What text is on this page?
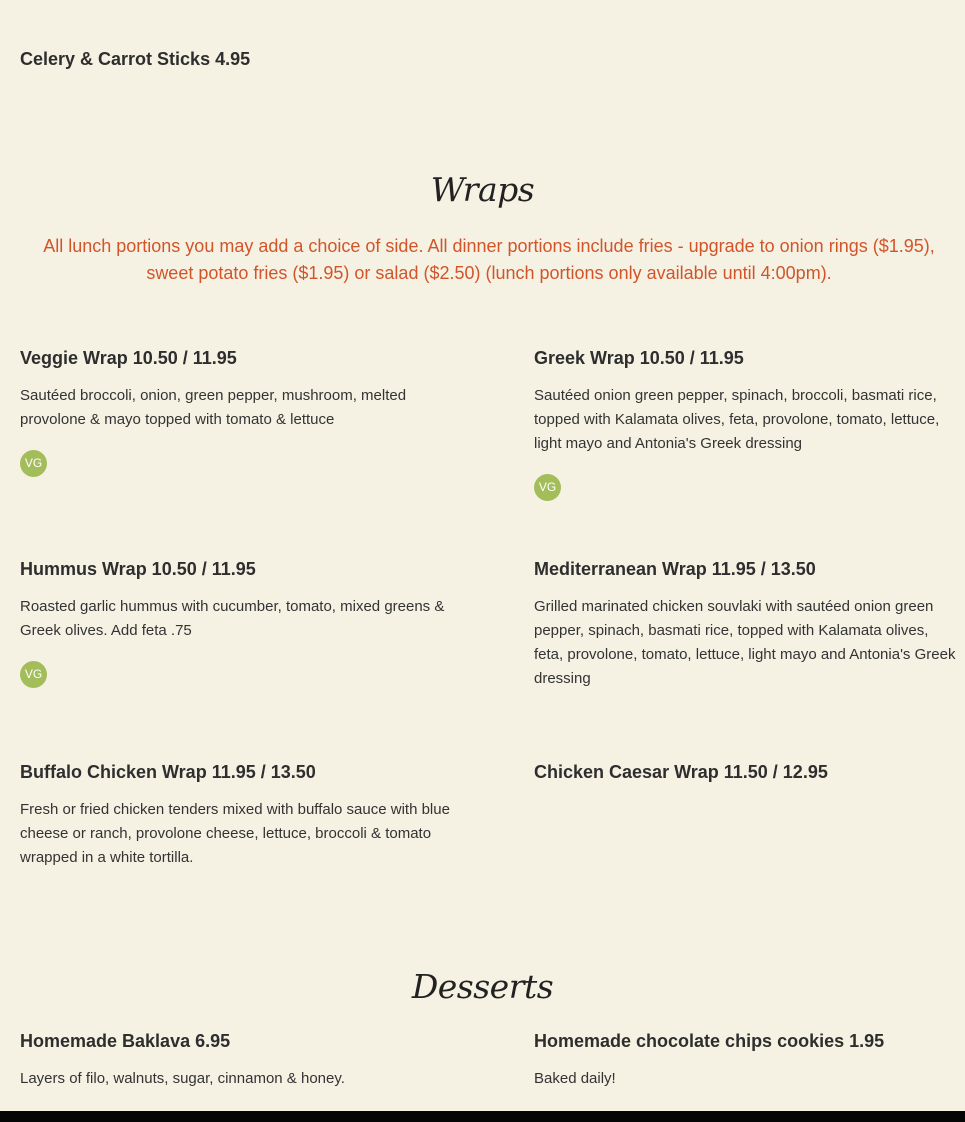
Celery & Carrot Sticks 4.95
Wraps
All lunch portions you may add a choice of side. All dinner portions include fries - upgrade to onion rings ($1.95), sweet potato fries ($1.95) or salad ($2.50) (lunch portions only available until 4:00pm).
Veggie Wrap 10.50 / 11.95
Sautéed broccoli, onion, green pepper, mushroom, melted provolone & mayo topped with tomato & lettuce
VG
Greek Wrap 10.50 / 11.95
Sautéed onion green pepper, spinach, broccoli, basmati rice, topped with Kalamata olives, feta, provolone, tomato, lettuce, light mayo and Antonia's Greek dressing
VG
Hummus Wrap 10.50 / 11.95
Roasted garlic hummus with cucumber, tomato, mixed greens & Greek olives. Add feta .75
VG
Mediterranean Wrap 11.95 / 13.50
Grilled marinated chicken souvlaki with sautéed onion green pepper, spinach, basmati rice, topped with Kalamata olives, feta, provolone, tomato, lettuce, light mayo and Antonia's Greek dressing
Buffalo Chicken Wrap 11.95 / 13.50
Fresh or fried chicken tenders mixed with buffalo sauce with blue cheese or ranch, provolone cheese, lettuce, broccoli & tomato wrapped in a white tortilla.
Chicken Caesar Wrap 11.50 / 12.95
Desserts
Homemade Baklava 6.95
Layers of filo, walnuts, sugar, cinnamon & honey.
Homemade chocolate chips cookies 1.95
Baked daily!
